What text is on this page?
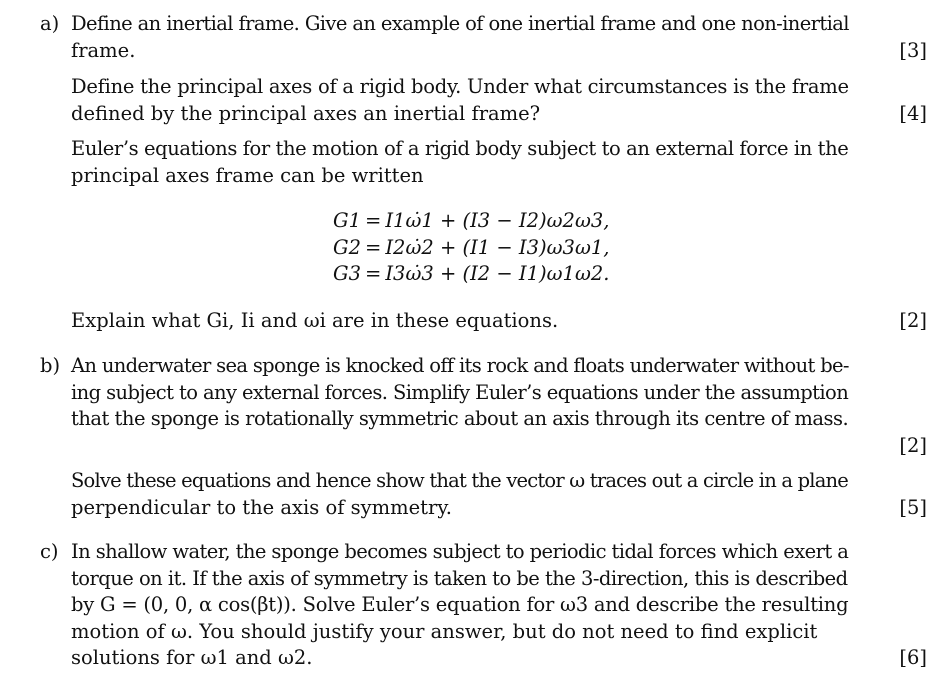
a) Define an inertial frame. Give an example of one inertial frame and one non-inertial
frame.	[3]
Define the principal axes of a rigid body. Under what circumstances is the frame
defined by the principal axes an inertial frame?	[4]
Euler’s equations for the motion of a rigid body subject to an external force in the
principal axes frame can be written
G1 = I1ω̇1 + (I3 − I2)ω2ω3,
G2 = I2ω̇2 + (I1 − I3)ω3ω1,
G3 = I3ω̇3 + (I2 − I1)ω1ω2.
Explain what Gi, Ii and ωi are in these equations.	[2]
b) An underwater sea sponge is knocked off its rock and floats underwater without be-
ing subject to any external forces. Simplify Euler’s equations under the assumption
that the sponge is rotationally symmetric about an axis through its centre of mass.
[2]
Solve these equations and hence show that the vector ω traces out a circle in a plane
perpendicular to the axis of symmetry.	[5]
c) In shallow water, the sponge becomes subject to periodic tidal forces which exert a
torque on it. If the axis of symmetry is taken to be the 3-direction, this is described
by G = (0, 0, α cos(βt)). Solve Euler’s equation for ω3 and describe the resulting
motion of ω. You should justify your answer, but do not need to find explicit
solutions for ω1 and ω2.	[6]
